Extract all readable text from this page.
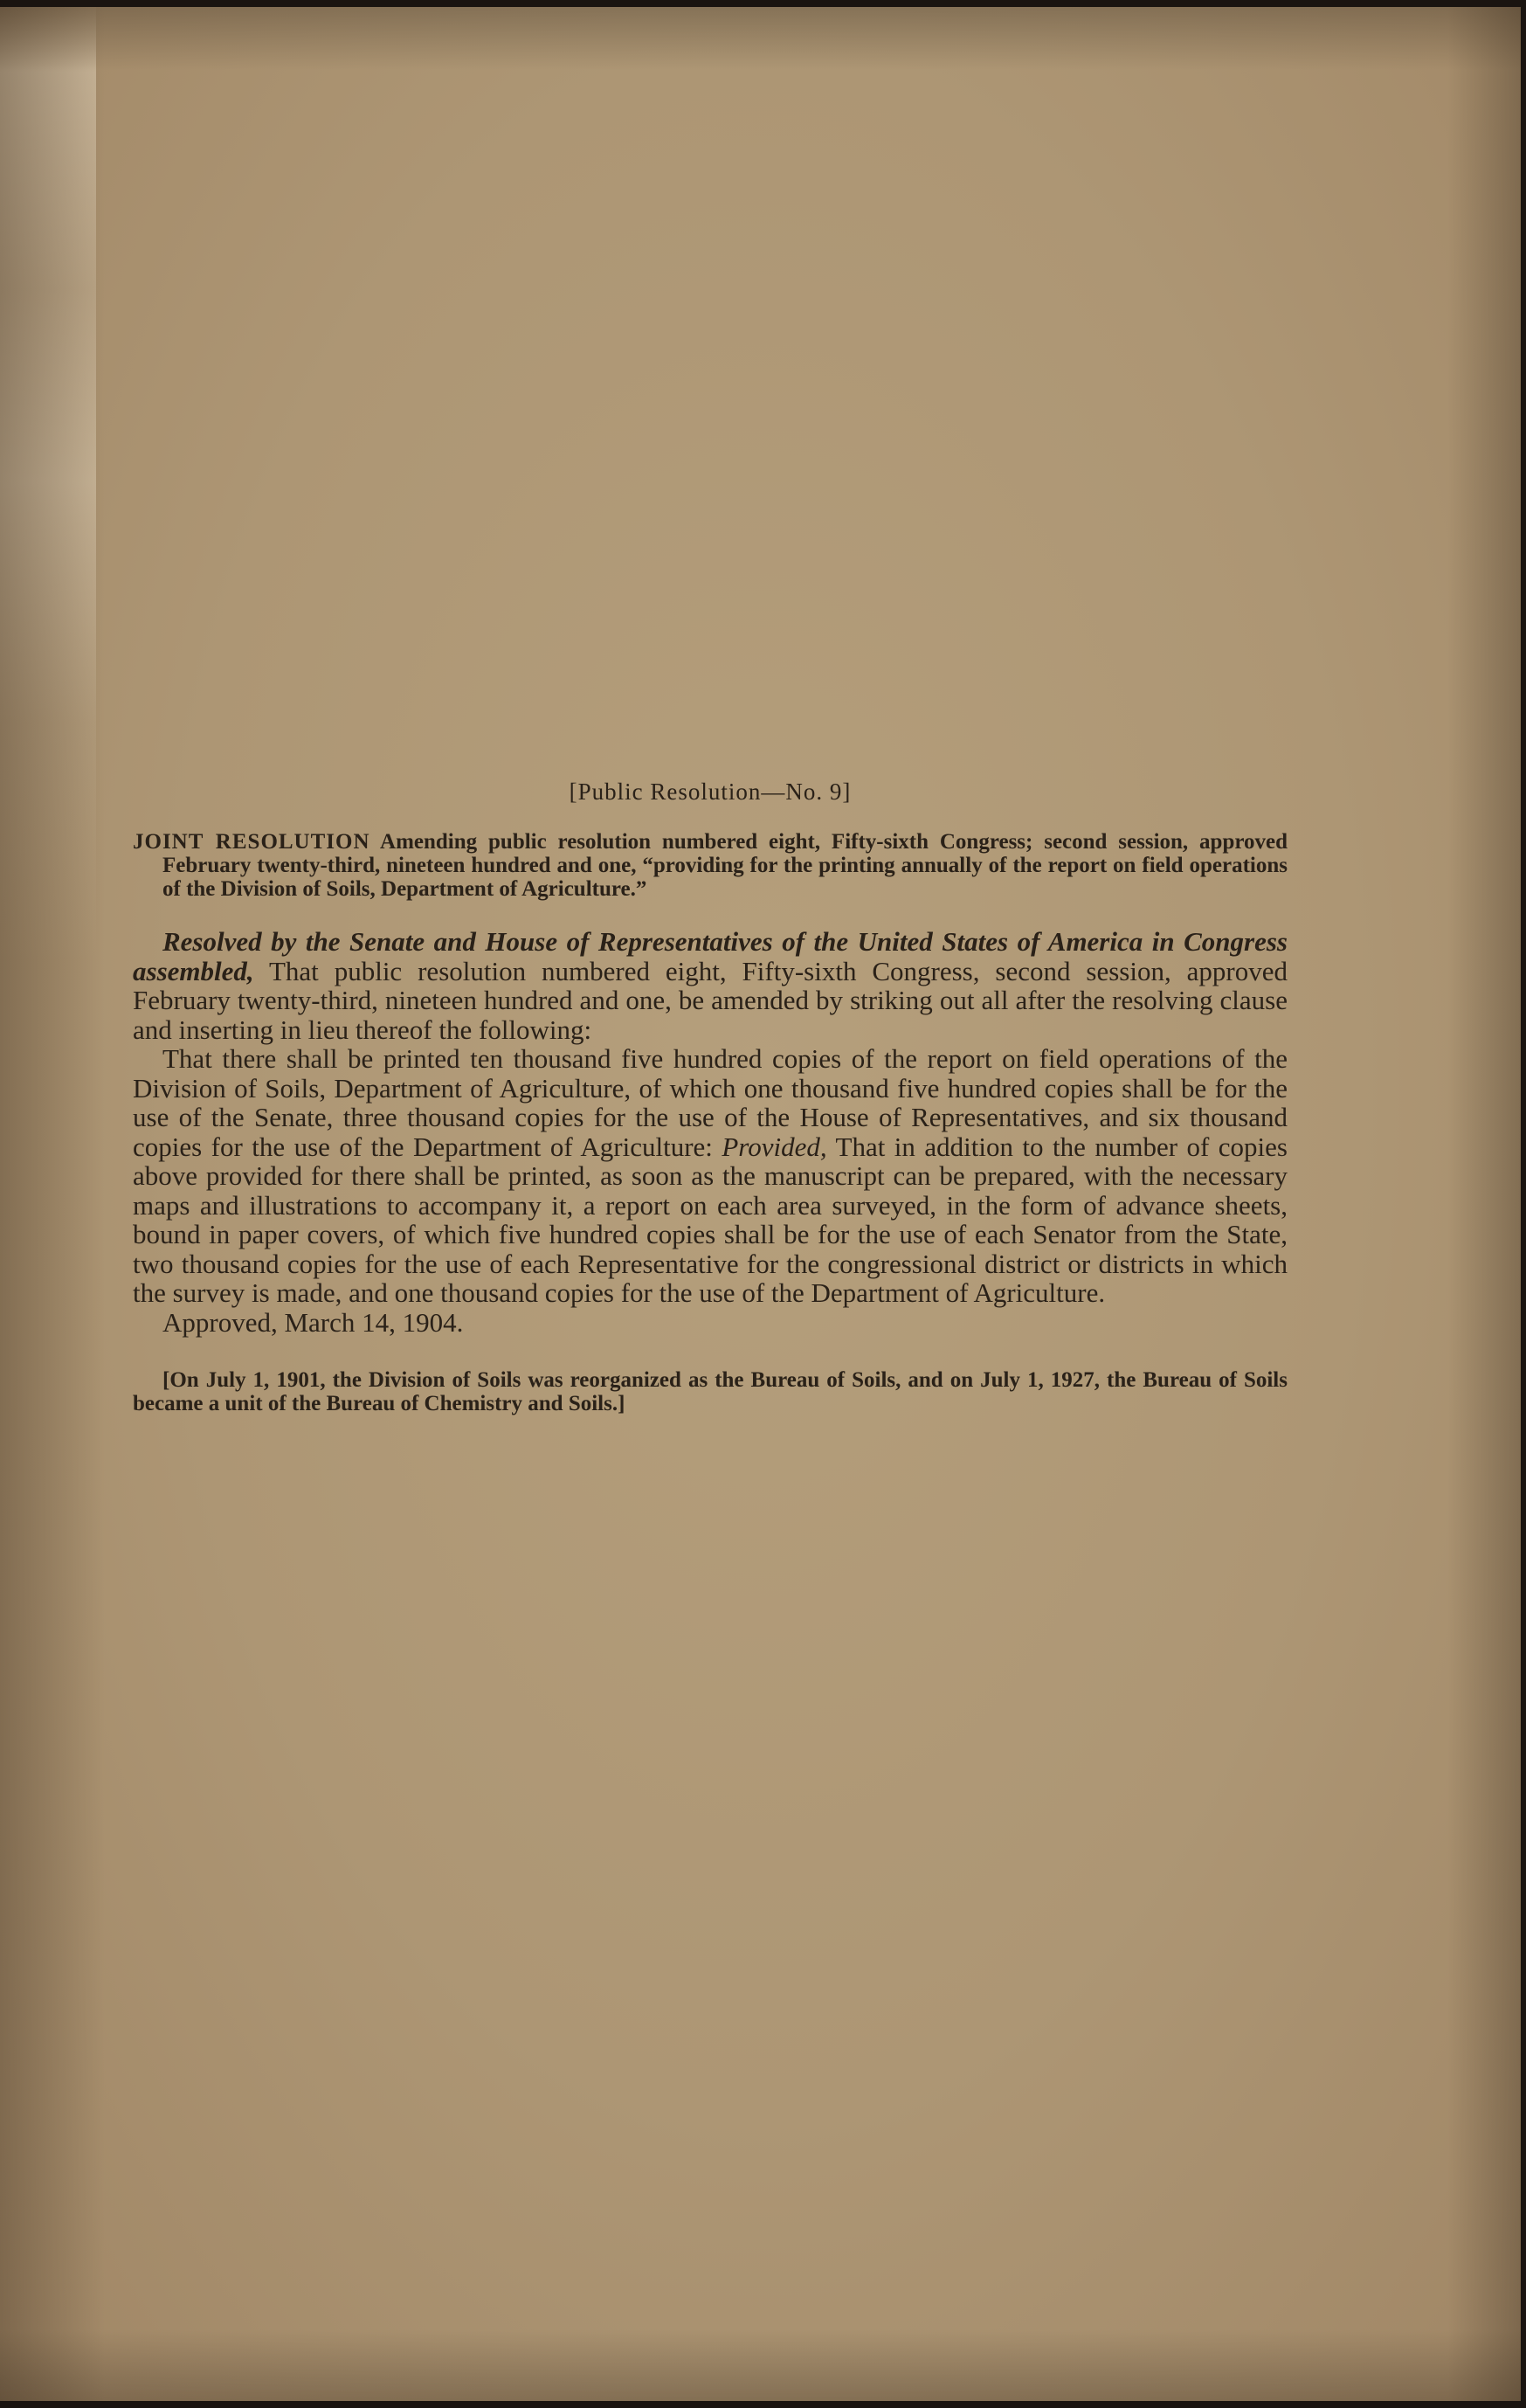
[Public Resolution—No. 9]

JOINT RESOLUTION Amending public resolution numbered eight, Fifty-sixth Congress; second session, approved February twenty-third, nineteen hundred and one, “providing for the printing annually of the report on field operations of the Division of Soils, Department of Agriculture.”

Resolved by the Senate and House of Representatives of the United States of America in Congress assembled, That public resolution numbered eight, Fifty-sixth Congress, second session, approved February twenty-third, nineteen hundred and one, be amended by striking out all after the resolving clause and inserting in lieu thereof the following:

That there shall be printed ten thousand five hundred copies of the report on field operations of the Division of Soils, Department of Agriculture, of which one thousand five hundred copies shall be for the use of the Senate, three thousand copies for the use of the House of Representatives, and six thousand copies for the use of the Department of Agriculture: Provided, That in addition to the number of copies above provided for there shall be printed, as soon as the manuscript can be prepared, with the necessary maps and illustrations to accompany it, a report on each area surveyed, in the form of advance sheets, bound in paper covers, of which five hundred copies shall be for the use of each Senator from the State, two thousand copies for the use of each Representative for the congressional district or districts in which the survey is made, and one thousand copies for the use of the Department of Agriculture.

Approved, March 14, 1904.

[On July 1, 1901, the Division of Soils was reorganized as the Bureau of Soils, and on July 1, 1927, the Bureau of Soils became a unit of the Bureau of Chemistry and Soils.]
